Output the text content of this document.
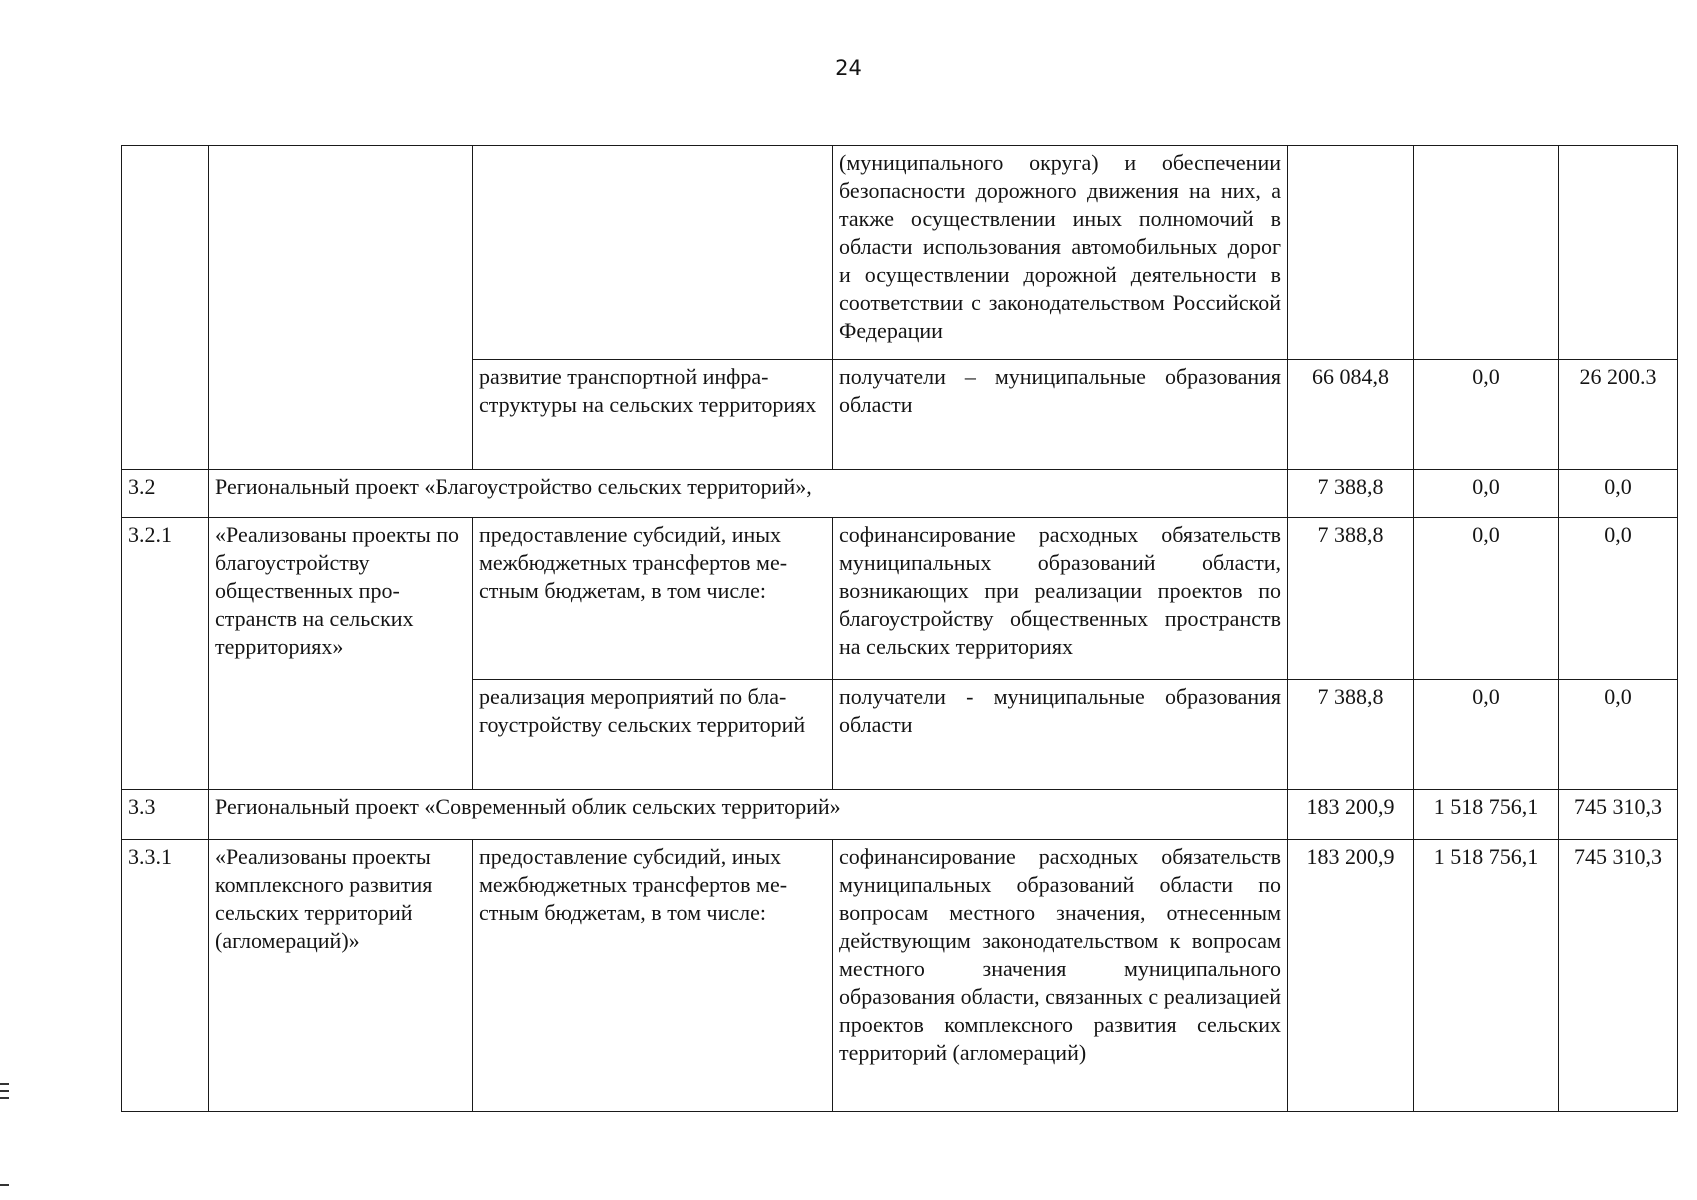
24
			(муниципального округа) и обеспечении безопасности дорожного движения на них, а также осуществлении иных полномочий в области использования автомобильных дорог и осуществлении дорожной деятельности в соответствии с законодательством Российской Федерации			
		развитие транспортной инфраструктуры на сельских территориях	получатели – муниципальные образования области	66 084,8	0,0	26 200.3
3.2	Региональный проект «Благоустройство сельских территорий»,			7 388,8	0,0	0,0
3.2.1	«Реализованы проекты по благоустройству общественных пространств на сельских территориях»	предоставление субсидий, иных межбюджетных трансфертов местным бюджетам, в том числе:	софинансирование расходных обязательств муниципальных образований области, возникающих при реализации проектов по благоустройству общественных пространств на сельских территориях	7 388,8	0,0	0,0
		реализация мероприятий по благоустройству сельских территорий	получатели - муниципальные образования области	7 388,8	0,0	0,0
3.3	Региональный проект «Современный облик сельских территорий»			183 200,9	1 518 756,1	745 310,3
3.3.1	«Реализованы проекты комплексного развития сельских территорий (агломераций)»	предоставление субсидий, иных межбюджетных трансфертов местным бюджетам, в том числе:	софинансирование расходных обязательств муниципальных образований области по вопросам местного значения, отнесенным действующим законодательством к вопросам местного значения муниципального образования области, связанных с реализацией проектов комплексного развития сельских территорий (агломераций)	183 200,9	1 518 756,1	745 310,3
